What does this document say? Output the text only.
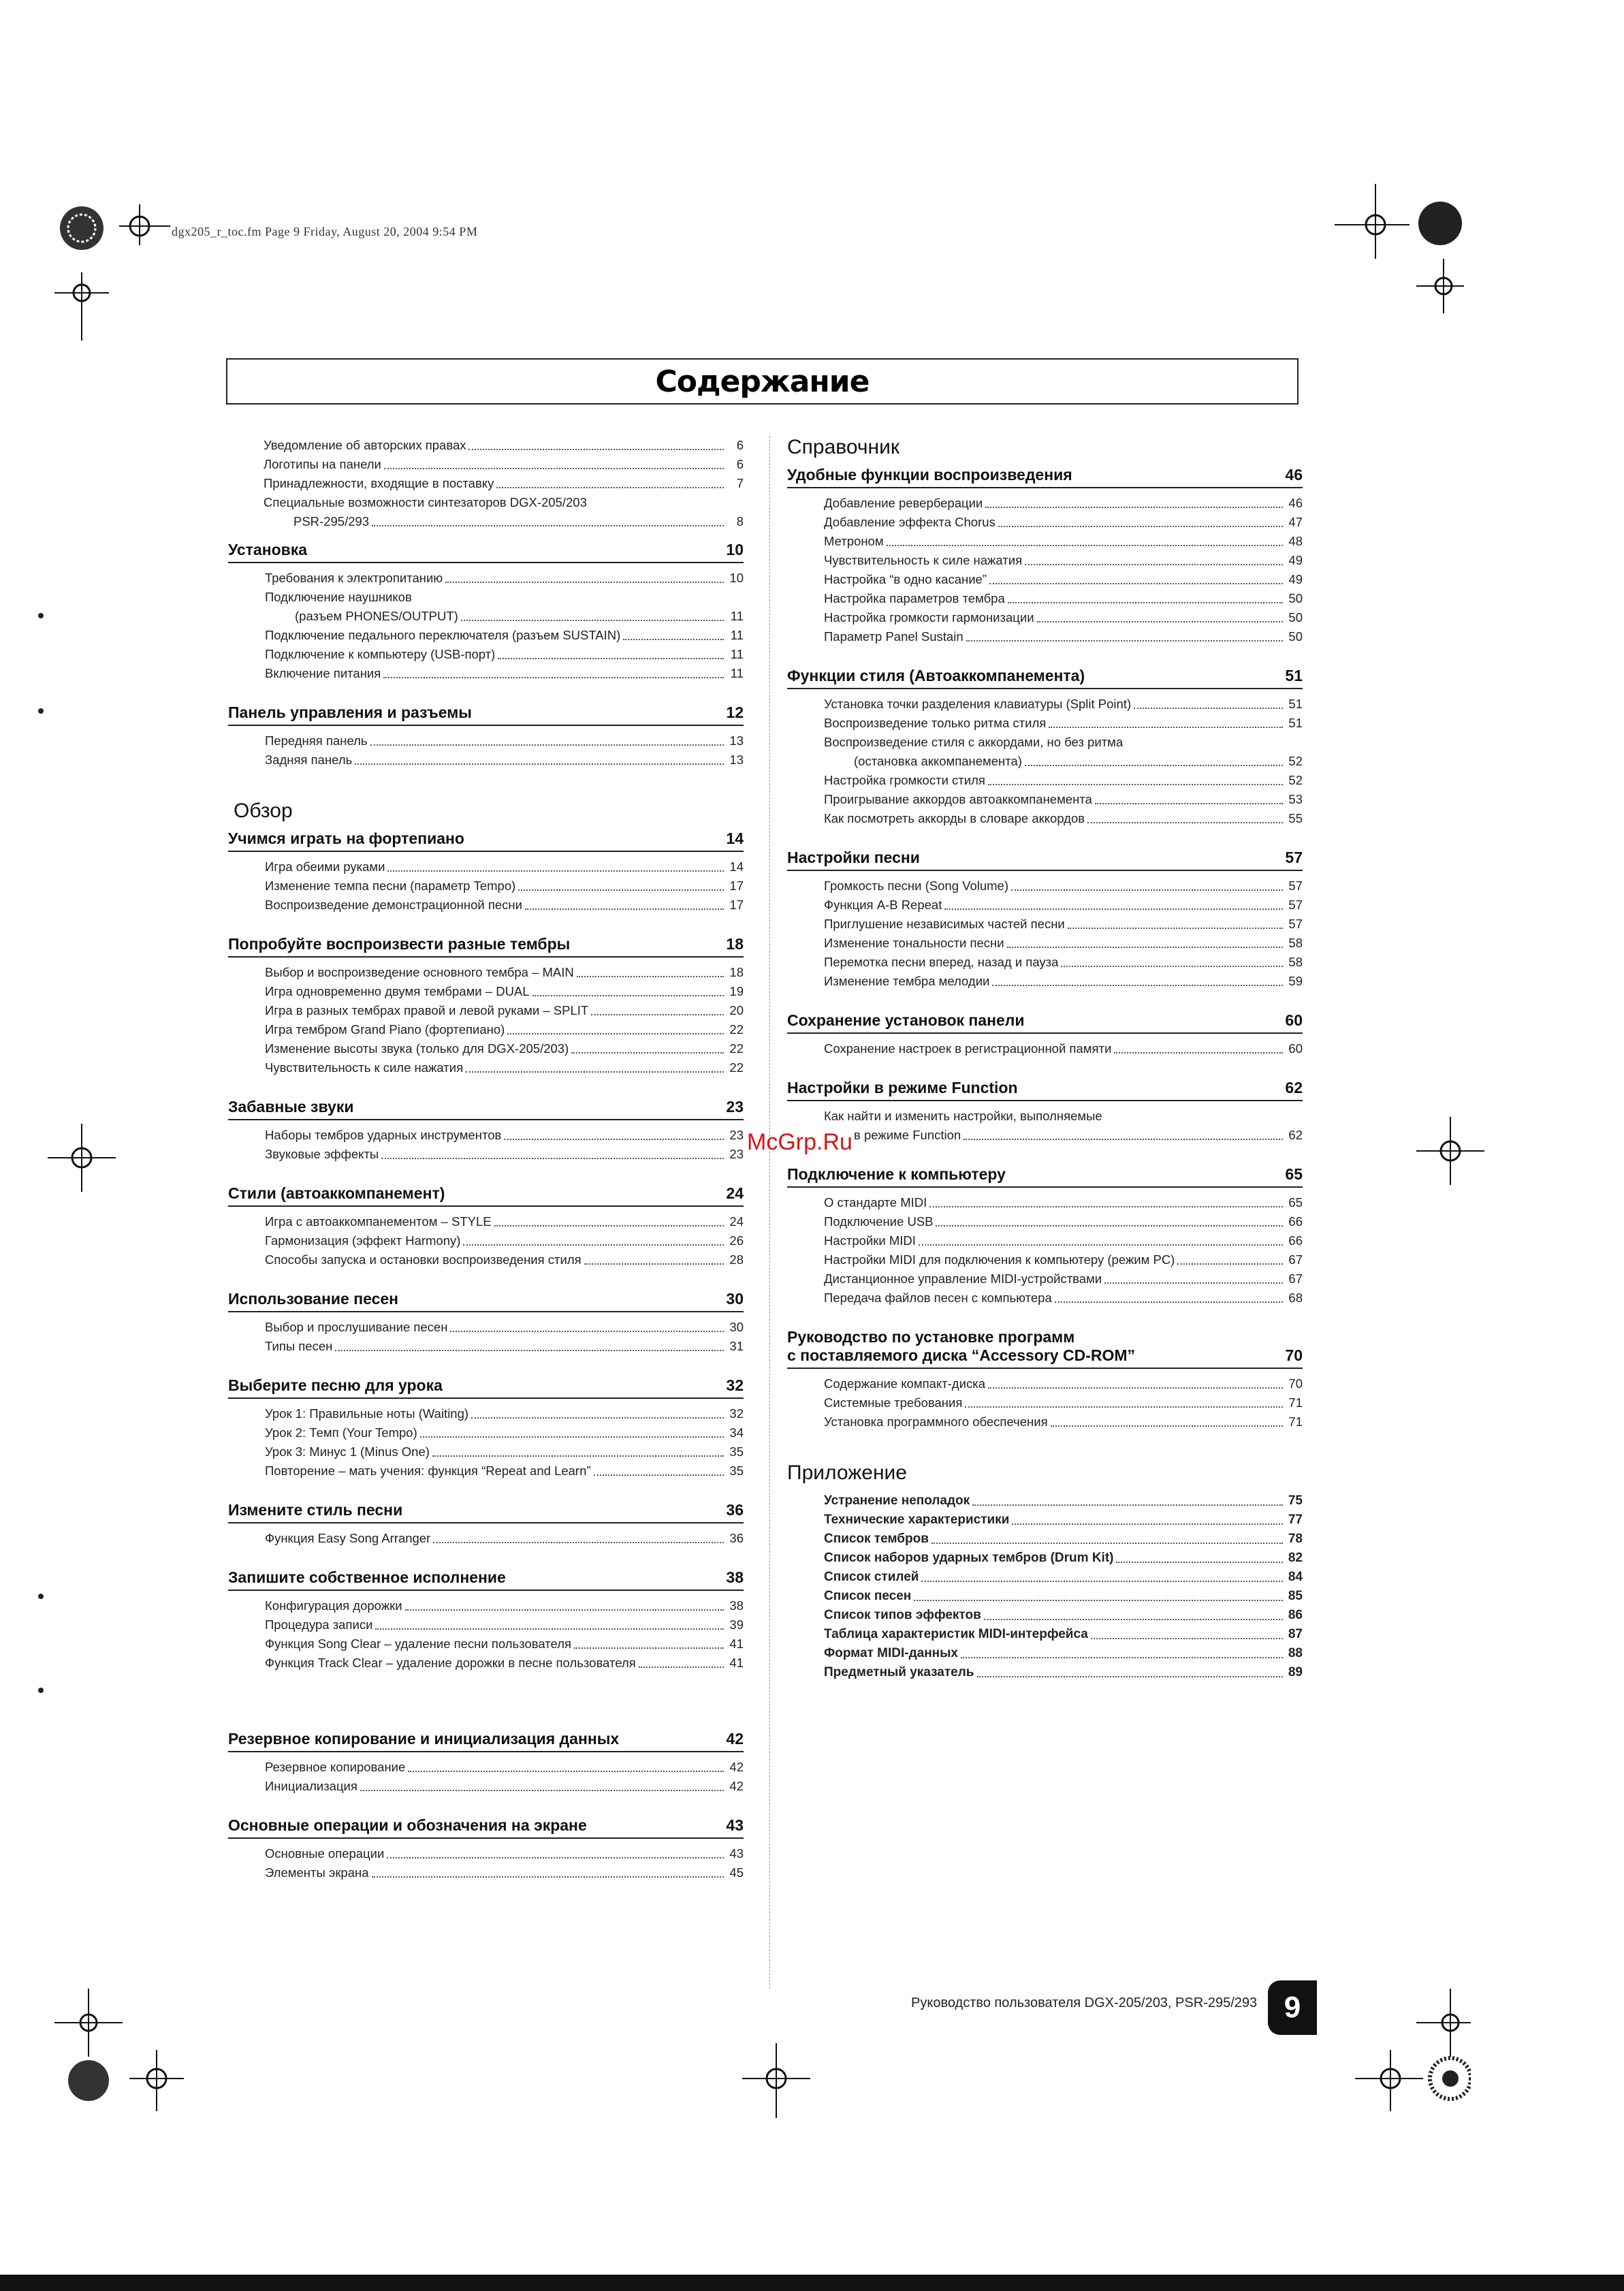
dgx205_r_toc.fm Page 9 Friday, August 20, 2004 9:54 PM
Содержание
Уведомление об авторских правах	6
Логотипы на панели	6
Принадлежности, входящие в поставку	7
Специальные возможности синтезаторов DGX-205/203
PSR-295/293	8
Установка	10
Требования к электропитанию	10
Подключение наушников
(разъем PHONES/OUTPUT)	11
Подключение педального переключателя (разъем SUSTAIN)	11
Подключение к компьютеру (USB-порт)	11
Включение питания	11
Панель управления и разъемы	12
Передняя панель	13
Задняя панель	13
Обзор
Учимся играть на фортепиано	14
Игра обеими руками	14
Изменение темпа песни (параметр Tempo)	17
Воспроизведение демонстрационной песни	17
Попробуйте воспроизвести разные тембры	18
Выбор и воспроизведение основного тембра – MAIN	18
Игра одновременно двумя тембрами – DUAL	19
Игра в разных тембрах правой и левой руками – SPLIT	20
Игра тембром Grand Piano (фортепиано)	22
Изменение высоты звука (только для DGX-205/203)	22
Чувствительность к силе нажатия	22
Забавные звуки	23
Наборы тембров ударных инструментов	23
Звуковые эффекты	23
Стили (автоаккомпанемент)	24
Игра с автоаккомпанементом – STYLE	24
Гармонизация (эффект Harmony)	26
Способы запуска и остановки воспроизведения стиля	28
Использование песен	30
Выбор и прослушивание песен	30
Типы песен	31
Выберите песню для урока	32
Урок 1: Правильные ноты (Waiting)	32
Урок 2: Темп (Your Tempo)	34
Урок 3: Минус 1 (Minus One)	35
Повторение – мать учения: функция “Repeat and Learn”	35
Измените стиль песни	36
Функция Easy Song Arranger	36
Запишите собственное исполнение	38
Конфигурация дорожки	38
Процедура записи	39
Функция Song Clear – удаление песни пользователя	41
Функция Track Clear – удаление дорожки в песне пользователя	41
Резервное копирование и инициализация данных	42
Резервное копирование	42
Инициализация	42
Основные операции и обозначения на экране	43
Основные операции	43
Элементы экрана	45
Справочник
Удобные функции воспроизведения	46
Добавление реверберации	46
Добавление эффекта Chorus	47
Метроном	48
Чувствительность к силе нажатия	49
Настройка “в одно касание”	49
Настройка параметров тембра	50
Настройка громкости гармонизации	50
Параметр Panel Sustain	50
Функции стиля (Автоаккомпанемента)	51
Установка точки разделения клавиатуры (Split Point)	51
Воспроизведение только ритма стиля	51
Воспроизведение стиля с аккордами, но без ритма
(остановка аккомпанемента)	52
Настройка громкости стиля	52
Проигрывание аккордов автоаккомпанемента	53
Как посмотреть аккорды в словаре аккордов	55
Настройки песни	57
Громкость песни (Song Volume)	57
Функция A-B Repeat	57
Приглушение независимых частей песни	57
Изменение тональности песни	58
Перемотка песни вперед, назад и пауза	58
Изменение тембра мелодии	59
Сохранение установок панели	60
Сохранение настроек в регистрационной памяти	60
Настройки в режиме Function	62
Как найти и изменить настройки, выполняемые
в режиме Function	62
Подключение к компьютеру	65
О стандарте MIDI	65
Подключение USB	66
Настройки MIDI	66
Настройки MIDI для подключения к компьютеру (режим PC)	67
Дистанционное управление MIDI-устройствами	67
Передача файлов песен с компьютера	68
Руководство по установке программ
с поставляемого диска “Accessory CD-ROM”	70
Содержание компакт-диска	70
Системные требования	71
Установка программного обеспечения	71
Приложение
Устранение неполадок	75
Технические характеристики	77
Список тембров	78
Список наборов ударных тембров (Drum Kit)	82
Список стилей	84
Список песен	85
Список типов эффектов	86
Таблица характеристик MIDI-интерфейса	87
Формат MIDI-данных	88
Предметный указатель	89
McGrp.Ru
Руководство пользователя DGX-205/203, PSR-295/293 9
